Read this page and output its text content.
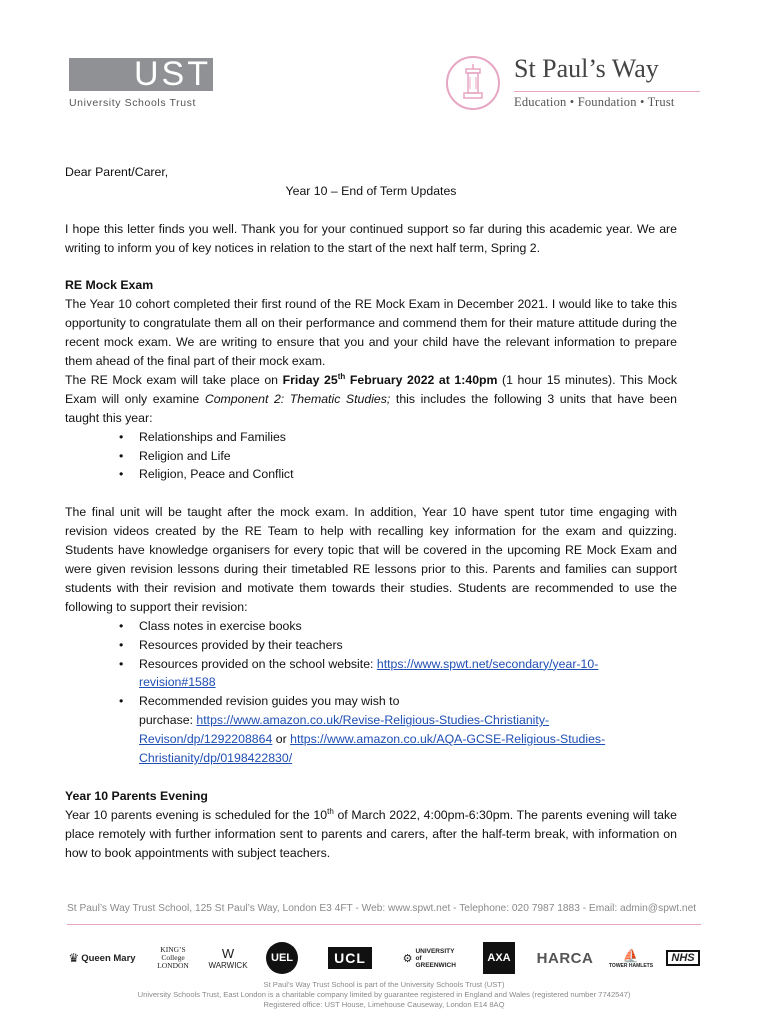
UST
University Schools Trust
St Paul’s Way
Education • Foundation • Trust

Dear Parent/Carer,

Year 10 – End of Term Updates

I hope this letter finds you well. Thank you for your continued support so far during this academic year. We are writing to inform you of key notices in relation to the start of the next half term, Spring 2.

RE Mock Exam

The Year 10 cohort completed their first round of the RE Mock Exam in December 2021. I would like to take this opportunity to congratulate them all on their performance and commend them for their mature attitude during the recent mock exam. We are writing to ensure that you and your child have the relevant information to prepare them ahead of the final part of their mock exam.

The RE Mock exam will take place on Friday 25th February 2022 at 1:40pm (1 hour 15 minutes). This Mock Exam will only examine Component 2: Thematic Studies; this includes the following 3 units that have been taught this year:

• Relationships and Families
• Religion and Life
• Religion, Peace and Conflict

The final unit will be taught after the mock exam. In addition, Year 10 have spent tutor time engaging with revision videos created by the RE Team to help with recalling key information for the exam and quizzing. Students have knowledge organisers for every topic that will be covered in the upcoming RE Mock Exam and were given revision lessons during their timetabled RE lessons prior to this. Parents and families can support students with their revision and motivate them towards their studies. Students are recommended to use the following to support their revision:

• Class notes in exercise books
• Resources provided by their teachers
• Resources provided on the school website: https://www.spwt.net/secondary/year-10-
revision#1588
• Recommended revision guides you may wish to
purchase: https://www.amazon.co.uk/Revise-Religious-Studies-Christianity-
Revison/dp/1292208864 or https://www.amazon.co.uk/AQA-GCSE-Religious-Studies-
Christianity/dp/0198422830/

Year 10 Parents Evening

Year 10 parents evening is scheduled for the 10th of March 2022, 4:00pm-6:30pm. The parents evening will take place remotely with further information sent to parents and carers, after the half-term break, with information on how to book appointments with subject teachers.

St Paul’s Way Trust School, 125 St Paul’s Way, London E3 4FT - Web: www.spwt.net - Telephone: 020 7987 1883 - Email: admin@spwt.net
♛ Queen Mary
KING’S College LONDON
W
WARWICK
UEL	UCL	⚙
UNIVERSITY of GREENWICH
AXA HARCA ⛵
TOWER HAMLETS
NHS
St Paul’s Way Trust School is part of the University Schools Trust (UST)
University Schools Trust, East London is a charitable company limited by guarantee registered in England and Wales (registered number 7742547)
Registered office: UST House, Limehouse Causeway, London E14 8AQ
